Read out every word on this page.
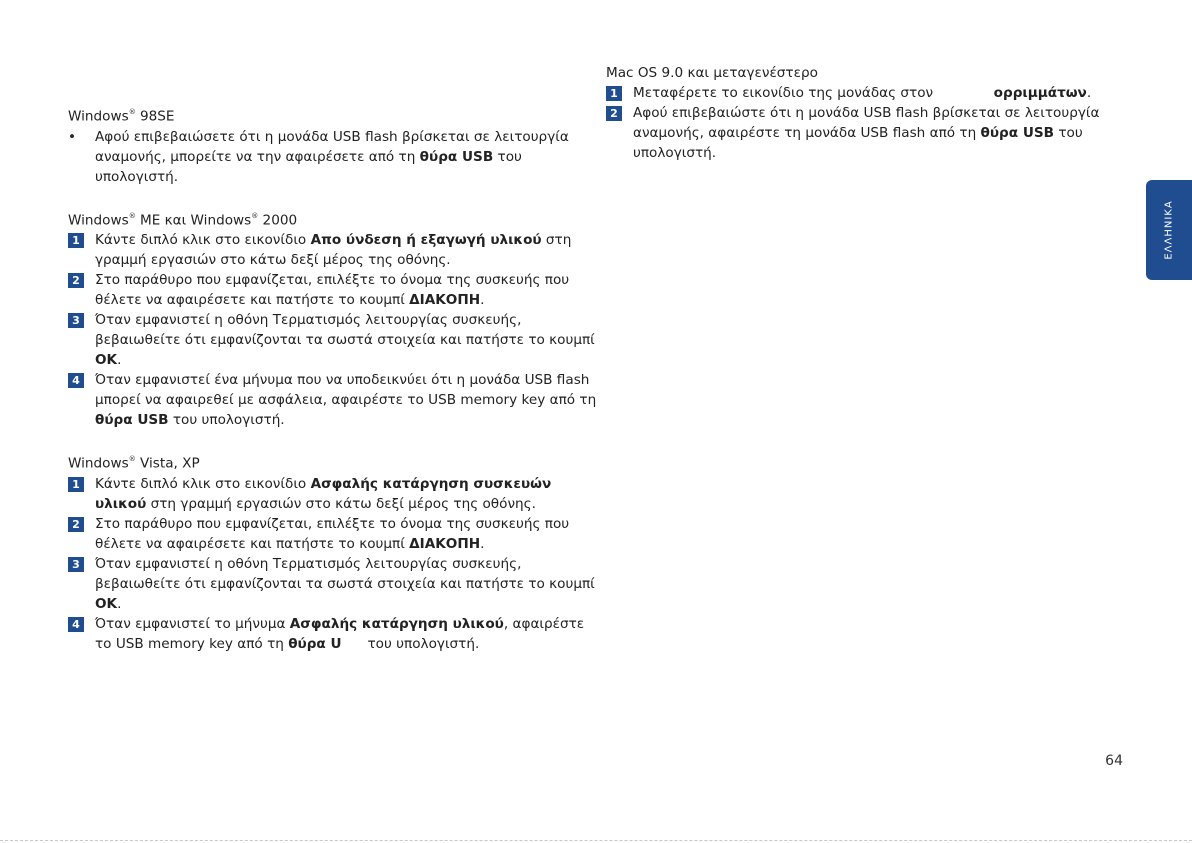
Windows® 98SE

• Αφού επιβεβαιώσετε ότι η μονάδα USB flash βρίσκεται σε λειτουργία αναμονής, μπορείτε να την αφαιρέσετε από τη θύρα USB του υπολογιστή.

Windows® ME και Windows® 2000

1	Κάντε διπλό κλικ στο εικονίδιο Απο ύνδεση ή εξαγωγή υλικού στη γραμμή εργασιών στο κάτω δεξί μέρος της οθόνης.

2	Στο παράθυρο που εμφανίζεται, επιλέξτε το όνομα της συσκευής που θέλετε να αφαιρέσετε και πατήστε το κουμπί ΔΙΑΚΟΠΗ.

3	Όταν εμφανιστεί η οθόνη Τερματισμός λειτουργίας συσκευής, βεβαιωθείτε ότι εμφανίζονται τα σωστά στοιχεία και πατήστε το κουμπί OK.

4	Όταν εμφανιστεί ένα μήνυμα που να υποδεικνύει ότι η μονάδα USB flash μπορεί να αφαιρεθεί με ασφάλεια, αφαιρέστε το USB memory key από τη θύρα USB του υπολογιστή.

Windows® Vista, XP

1	Κάντε διπλό κλικ στο εικονίδιο Ασφαλής κατάργηση συσκευών υλικού στη γραμμή εργασιών στο κάτω δεξί μέρος της οθόνης.

2	Στο παράθυρο που εμφανίζεται, επιλέξτε το όνομα της συσκευής που θέλετε να αφαιρέσετε και πατήστε το κουμπί ΔΙΑΚΟΠΗ.

3	Όταν εμφανιστεί η οθόνη Τερματισμός λειτουργίας συσκευής, βεβαιωθείτε ότι εμφανίζονται τα σωστά στοιχεία και πατήστε το κουμπί OK.

4	Όταν εμφανιστεί το μήνυμα Ασφαλής κατάργηση υλικού, αφαιρέστε το USB memory key από τη θύρα U      του υπολογιστή.

Mac OS 9.0 και μεταγενέστερο

1	Μεταφέρετε το εικονίδιο της μονάδας στον              ορριμμάτων.

2	Αφού επιβεβαιώστε ότι η μονάδα USB flash βρίσκεται σε λειτουργία αναμονής, αφαιρέστε τη μονάδα USB flash από τη θύρα USB του υπολογιστή.

ΕΛΛΗΝΙΚΑ
64
